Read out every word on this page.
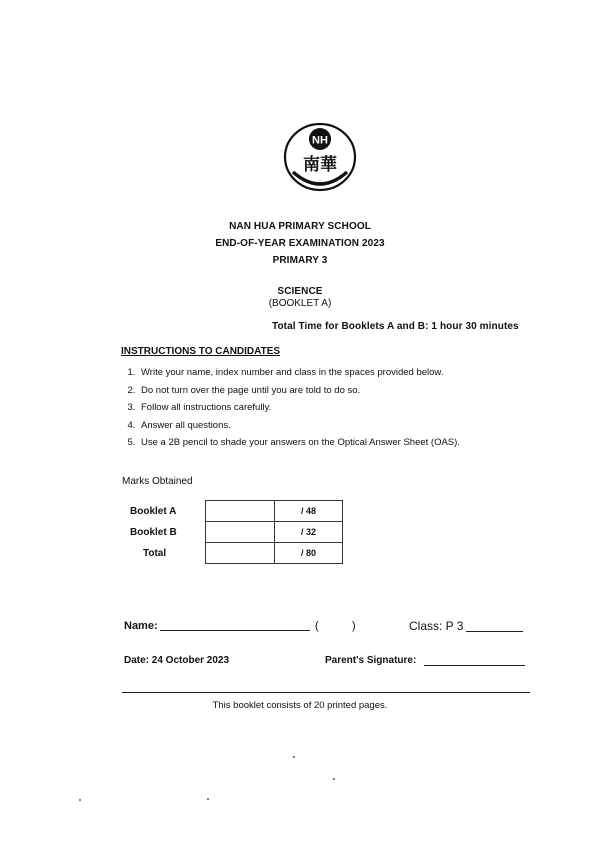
NH
南華
NAN HUA PRIMARY SCHOOL
END-OF-YEAR EXAMINATION 2023
PRIMARY 3
SCIENCE
(BOOKLET A)
Total Time for Booklets A and B: 1 hour 30 minutes
INSTRUCTIONS TO CANDIDATES
1. Write your name, index number and class in the spaces provided below.
2. Do not turn over the page until you are told to do so.
3. Follow all instructions carefully.
4. Answer all questions.
5. Use a 2B pencil to shade your answers on the Optical Answer Sheet (OAS).
Marks Obtained
Booklet A		/ 48
Booklet B		/ 32
Total		/ 80
Name:	(	)	Class: P 3
Date: 24 October 2023	Parent's Signature:
This booklet consists of 20 printed pages.
